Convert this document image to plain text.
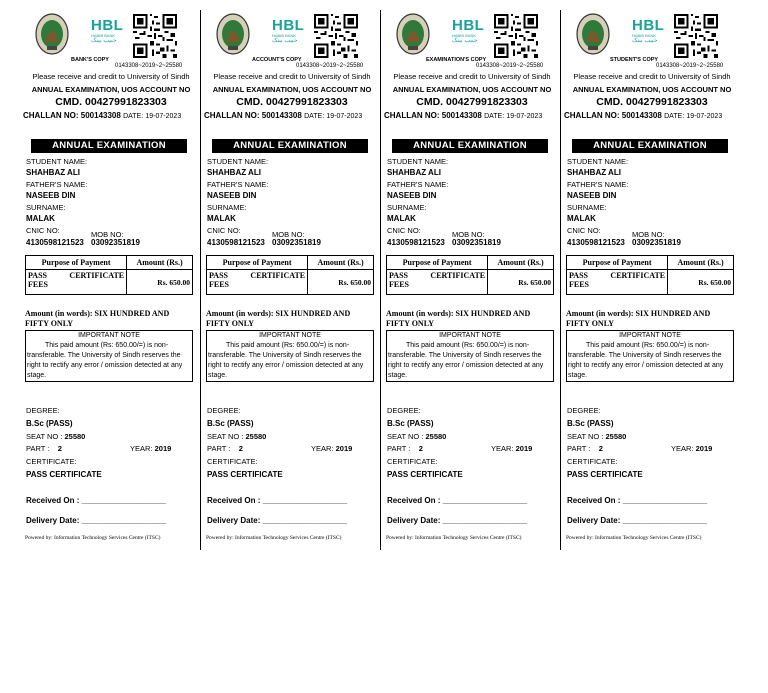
HBL
HABIB BANK
حبیب بینک
BANK'S COPY
0143308~2019~2~25580
Please receive and credit to University of Sindh
ANNUAL EXAMINATION, UOS ACCOUNT NO
CMD. 00427991823303
CHALLAN NO: 500143308 DATE: 19-07-2023
ANNUAL EXAMINATION
STUDENT NAME:
SHAHBAZ ALI
FATHER'S NAME:
NASEEB DIN
SURNAME:
MALAK
CNIC NO:	MOB NO:
4130598121523 03092351819
Purpose of Payment	Amount (Rs.)

PASS CERTIFICATE
FEES	Rs. 650.00
Amount (in words): SIX HUNDRED AND FIFTY ONLY
IMPORTANT NOTE
This paid amount (Rs: 650.00/=) is non-transferable. The University of Sindh reserves the right to rectify any error / omission detected at any stage.
DEGREE:
B.Sc (PASS)
SEAT NO : 25580
PART : 2	YEAR: 2019
CERTIFICATE:
PASS CERTIFICATE
Received On : ___________________
Delivery Date: ___________________
Powered by: Information Technology Services Centre (ITSC)
HBL
HABIB BANK
حبیب بینک
ACCOUNT'S COPY
0143308~2019~2~25580
Please receive and credit to University of Sindh
ANNUAL EXAMINATION, UOS ACCOUNT NO
CMD. 00427991823303
CHALLAN NO: 500143308 DATE: 19-07-2023
ANNUAL EXAMINATION
STUDENT NAME:
SHAHBAZ ALI
FATHER'S NAME:
NASEEB DIN
SURNAME:
MALAK
CNIC NO:	MOB NO:
4130598121523 03092351819
Purpose of Payment	Amount (Rs.)

PASS CERTIFICATE
FEES	Rs. 650.00
Amount (in words): SIX HUNDRED AND FIFTY ONLY
IMPORTANT NOTE
This paid amount (Rs: 650.00/=) is non-transferable. The University of Sindh reserves the right to rectify any error / omission detected at any stage.
DEGREE:
B.Sc (PASS)
SEAT NO : 25580
PART : 2	YEAR: 2019
CERTIFICATE:
PASS CERTIFICATE
Received On : ___________________
Delivery Date: ___________________
Powered by: Information Technology Services Centre (ITSC)
HBL
HABIB BANK
حبیب بینک
EXAMINATION'S COPY
0143308~2019~2~25580
Please receive and credit to University of Sindh
ANNUAL EXAMINATION, UOS ACCOUNT NO
CMD. 00427991823303
CHALLAN NO: 500143308 DATE: 19-07-2023
ANNUAL EXAMINATION
STUDENT NAME:
SHAHBAZ ALI
FATHER'S NAME:
NASEEB DIN
SURNAME:
MALAK
CNIC NO:	MOB NO:
4130598121523 03092351819
Purpose of Payment	Amount (Rs.)

PASS CERTIFICATE
FEES	Rs. 650.00
Amount (in words): SIX HUNDRED AND FIFTY ONLY
IMPORTANT NOTE
This paid amount (Rs: 650.00/=) is non-transferable. The University of Sindh reserves the right to rectify any error / omission detected at any stage.
DEGREE:
B.Sc (PASS)
SEAT NO : 25580
PART : 2	YEAR: 2019
CERTIFICATE:
PASS CERTIFICATE
Received On : ___________________
Delivery Date: ___________________
Powered by: Information Technology Services Centre (ITSC)
HBL
HABIB BANK
حبیب بینک
STUDENT'S COPY
0143308~2019~2~25580
Please receive and credit to University of Sindh
ANNUAL EXAMINATION, UOS ACCOUNT NO
CMD. 00427991823303
CHALLAN NO: 500143308 DATE: 19-07-2023
ANNUAL EXAMINATION
STUDENT NAME:
SHAHBAZ ALI
FATHER'S NAME:
NASEEB DIN
SURNAME:
MALAK
CNIC NO:	MOB NO:
4130598121523 03092351819
Purpose of Payment	Amount (Rs.)

PASS CERTIFICATE
FEES	Rs. 650.00
Amount (in words): SIX HUNDRED AND FIFTY ONLY
IMPORTANT NOTE
This paid amount (Rs: 650.00/=) is non-transferable. The University of Sindh reserves the right to rectify any error / omission detected at any stage.
DEGREE:
B.Sc (PASS)
SEAT NO : 25580
PART : 2	YEAR: 2019
CERTIFICATE:
PASS CERTIFICATE
Received On : ___________________
Delivery Date: ___________________
Powered by: Information Technology Services Centre (ITSC)
